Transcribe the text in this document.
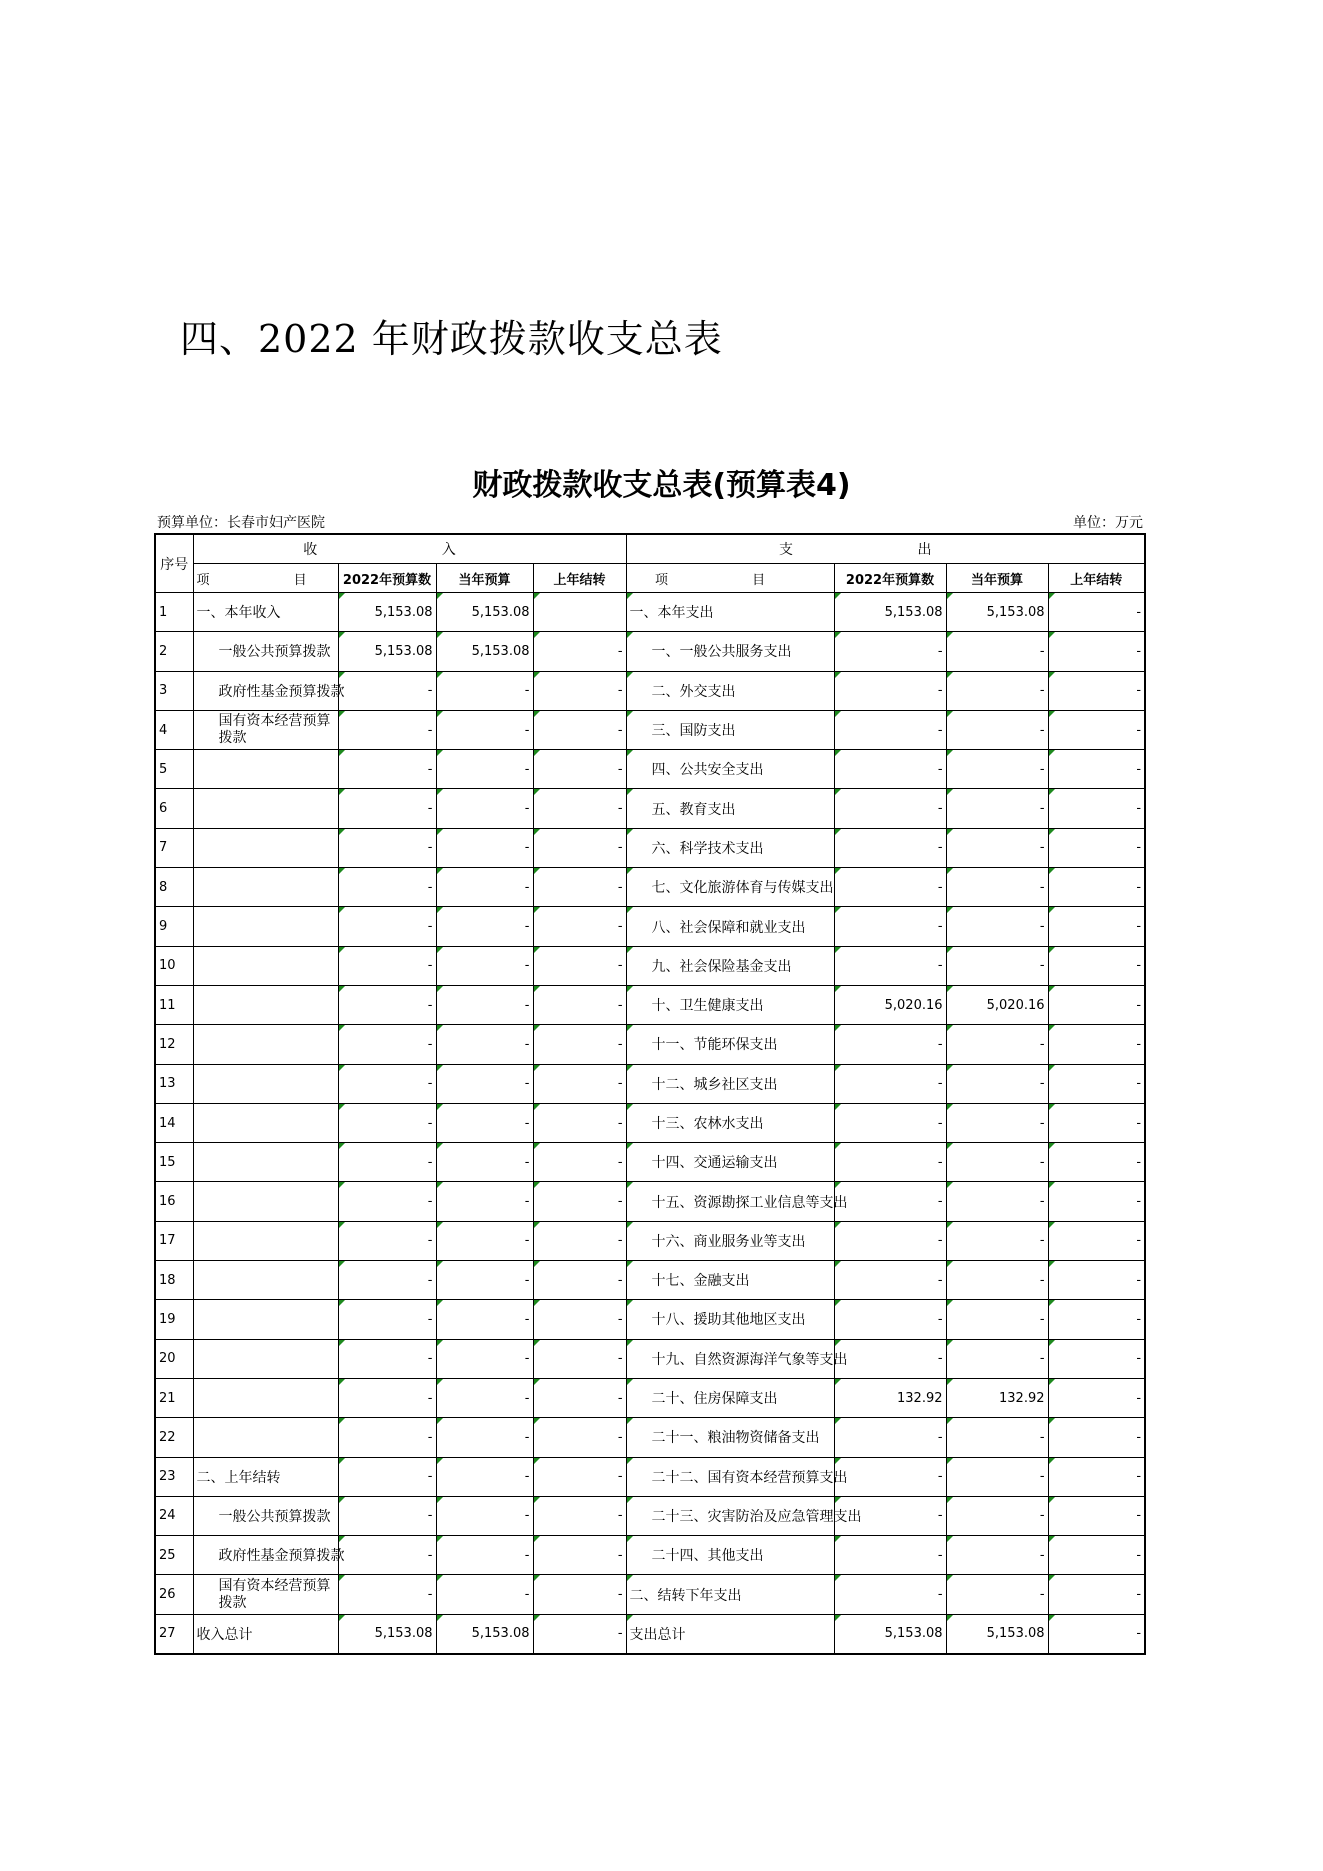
四、2022 年财政拨款收支总表
财政拨款收支总表(预算表4)
预算单位：长春市妇产医院	单位：万元
序号	收 入				支 出			
	项 目	2022年预算数	当年预算	上年结转	项 目	2022年预算数	当年预算	上年结转
1	一、本年收入	5,153.08	5,153.08		一、本年支出	5,153.08	5,153.08	-
2	一般公共预算拨款	5,153.08	5,153.08	-	一、一般公共服务支出	-	-	-
3	政府性基金预算拨款	-	-	-	二、外交支出	-	-	-
4	国有资本经营预算拨款	-	-	-	三、国防支出	-	-	-
5		-	-	-	四、公共安全支出	-	-	-
6		-	-	-	五、教育支出	-	-	-
7		-	-	-	六、科学技术支出	-	-	-
8		-	-	-	七、文化旅游体育与传媒支出	-	-	-
9		-	-	-	八、社会保障和就业支出	-	-	-
10		-	-	-	九、社会保险基金支出	-	-	-
11		-	-	-	十、卫生健康支出	5,020.16	5,020.16	-
12		-	-	-	十一、节能环保支出	-	-	-
13		-	-	-	十二、城乡社区支出	-	-	-
14		-	-	-	十三、农林水支出	-	-	-
15		-	-	-	十四、交通运输支出	-	-	-
16		-	-	-	十五、资源勘探工业信息等支出	-	-	-
17		-	-	-	十六、商业服务业等支出	-	-	-
18		-	-	-	十七、金融支出	-	-	-
19		-	-	-	十八、援助其他地区支出	-	-	-
20		-	-	-	十九、自然资源海洋气象等支出	-	-	-
21		-	-	-	二十、住房保障支出	132.92	132.92	-
22		-	-	-	二十一、粮油物资储备支出	-	-	-
23	二、上年结转	-	-	-	二十二、国有资本经营预算支出	-	-	-
24	一般公共预算拨款	-	-	-	二十三、灾害防治及应急管理支出	-	-	-
25	政府性基金预算拨款	-	-	-	二十四、其他支出	-	-	-
26	国有资本经营预算拨款	-	-	-	二、结转下年支出	-	-	-
27	收入总计	5,153.08	5,153.08	-	支出总计	5,153.08	5,153.08	-
